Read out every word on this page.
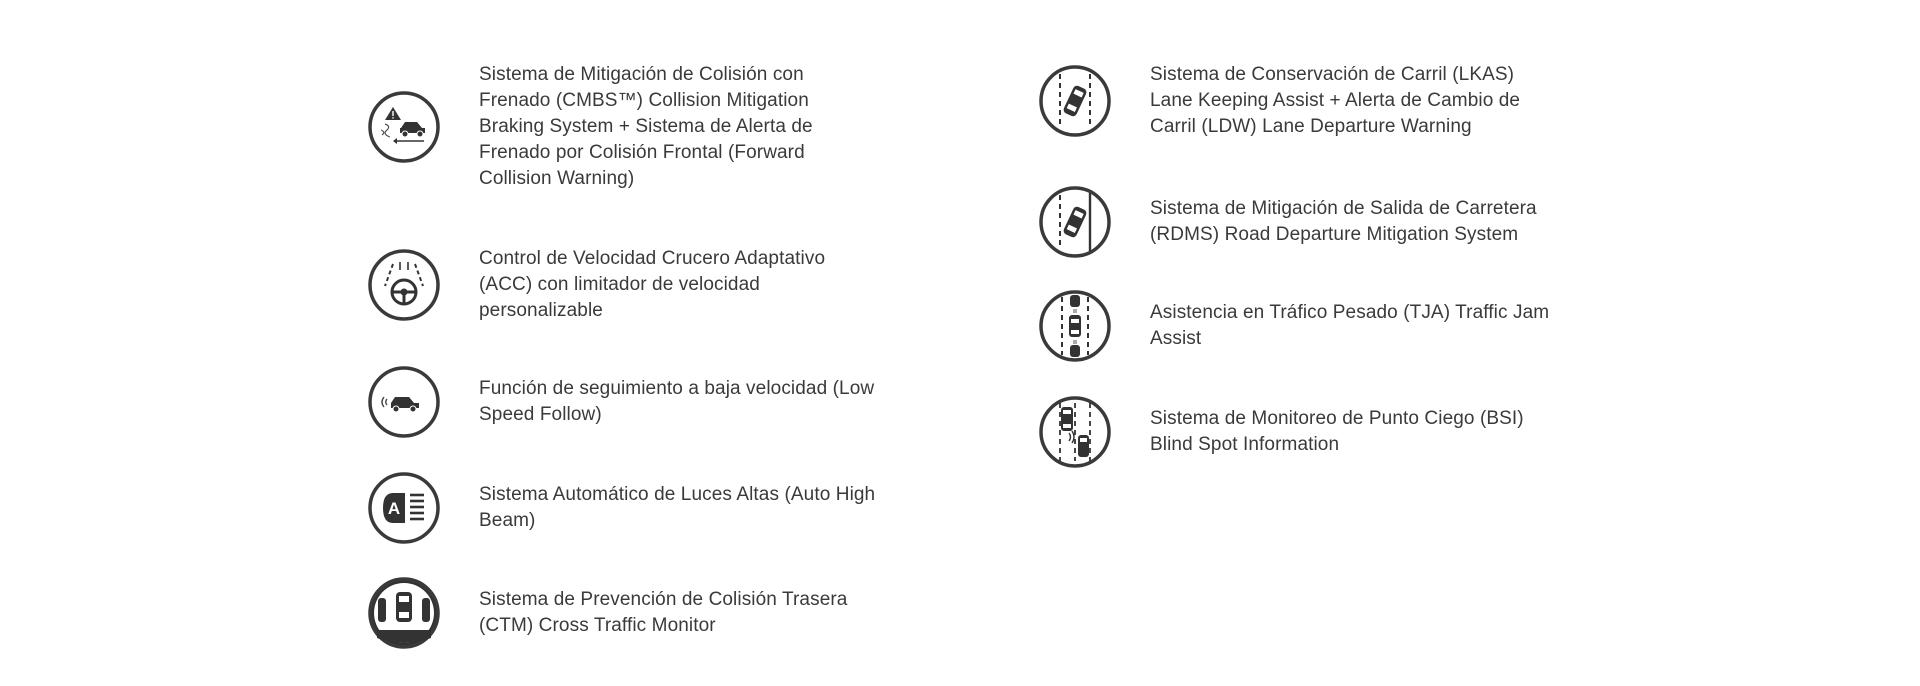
Sistema de Mitigación de Colisión con Frenado (CMBS™) Collision Mitigation Braking System + Sistema de Alerta de Frenado por Colisión Frontal (Forward Collision Warning)
Control de Velocidad Crucero Adaptativo (ACC) con limitador de velocidad personalizable
Función de seguimiento a baja velocidad (Low Speed Follow)
A
Sistema Automático de Luces Altas (Auto High Beam)
Sistema de Prevención de Colisión Trasera (CTM) Cross Traffic Monitor
Sistema de Conservación de Carril (LKAS) Lane Keeping Assist + Alerta de Cambio de Carril (LDW) Lane Departure Warning
Sistema de Mitigación de Salida de Carretera (RDMS) Road Departure Mitigation System
Asistencia en Tráfico Pesado (TJA) Traffic Jam Assist
Sistema de Monitoreo de Punto Ciego (BSI) Blind Spot Information
